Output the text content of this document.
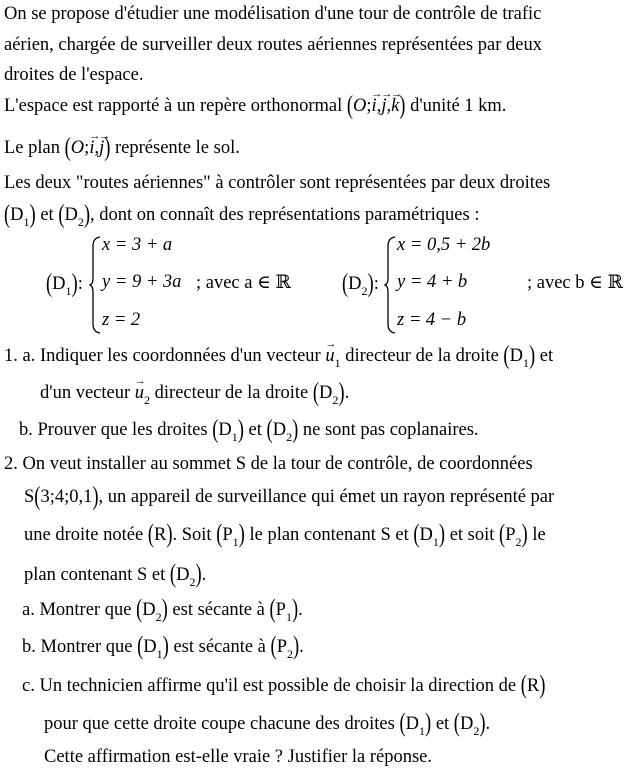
On se propose d'étudier une modélisation d'une tour de contrôle de trafic
aérien, chargée de surveiller deux routes aériennes représentées par deux
droites de l'espace.
L'espace est rapporté à un repère orthonormal (O;→ i,→ j,→ k) d'unité 1 km.
Le plan (O;→ i,→ j) représente le sol.
Les deux "routes aériennes" à contrôler sont représentées par deux droites
$(D_1)$ et $(D_2)$, dont on connaît des représentations paramétriques :
$(D_1)$:
x = 3 + a
y = 9 + 3a
z = 2
; avec a ∈ ℝ	$(D_2)$:
x = 0,5 + 2b
y = 4 + b
z = 4 − b
; avec b ∈ ℝ
1. a. Indiquer les coordonnées d'un vecteur → $u_1$ directeur de la droite $(D_1)$ et
d'un vecteur → $u_2$ directeur de la droite $(D_2)$.
b. Prouver que les droites $(D_1)$ et $(D_2)$ ne sont pas coplanaires.
2. On veut installer au sommet S de la tour de contrôle, de coordonnées
S(3;4;0,1), un appareil de surveillance qui émet un rayon représenté par
une droite notée (R). Soit $(P_1)$ le plan contenant S et $(D_1)$ et soit $(P_2)$ le
plan contenant S et $(D_2)$.
a. Montrer que $(D_2)$ est sécante à $(P_1)$.
b. Montrer que $(D_1)$ est sécante à $(P_2)$.
c. Un technicien affirme qu'il est possible de choisir la direction de (R)
pour que cette droite coupe chacune des droites $(D_1)$ et $(D_2)$.
Cette affirmation est-elle vraie ? Justifier la réponse.
